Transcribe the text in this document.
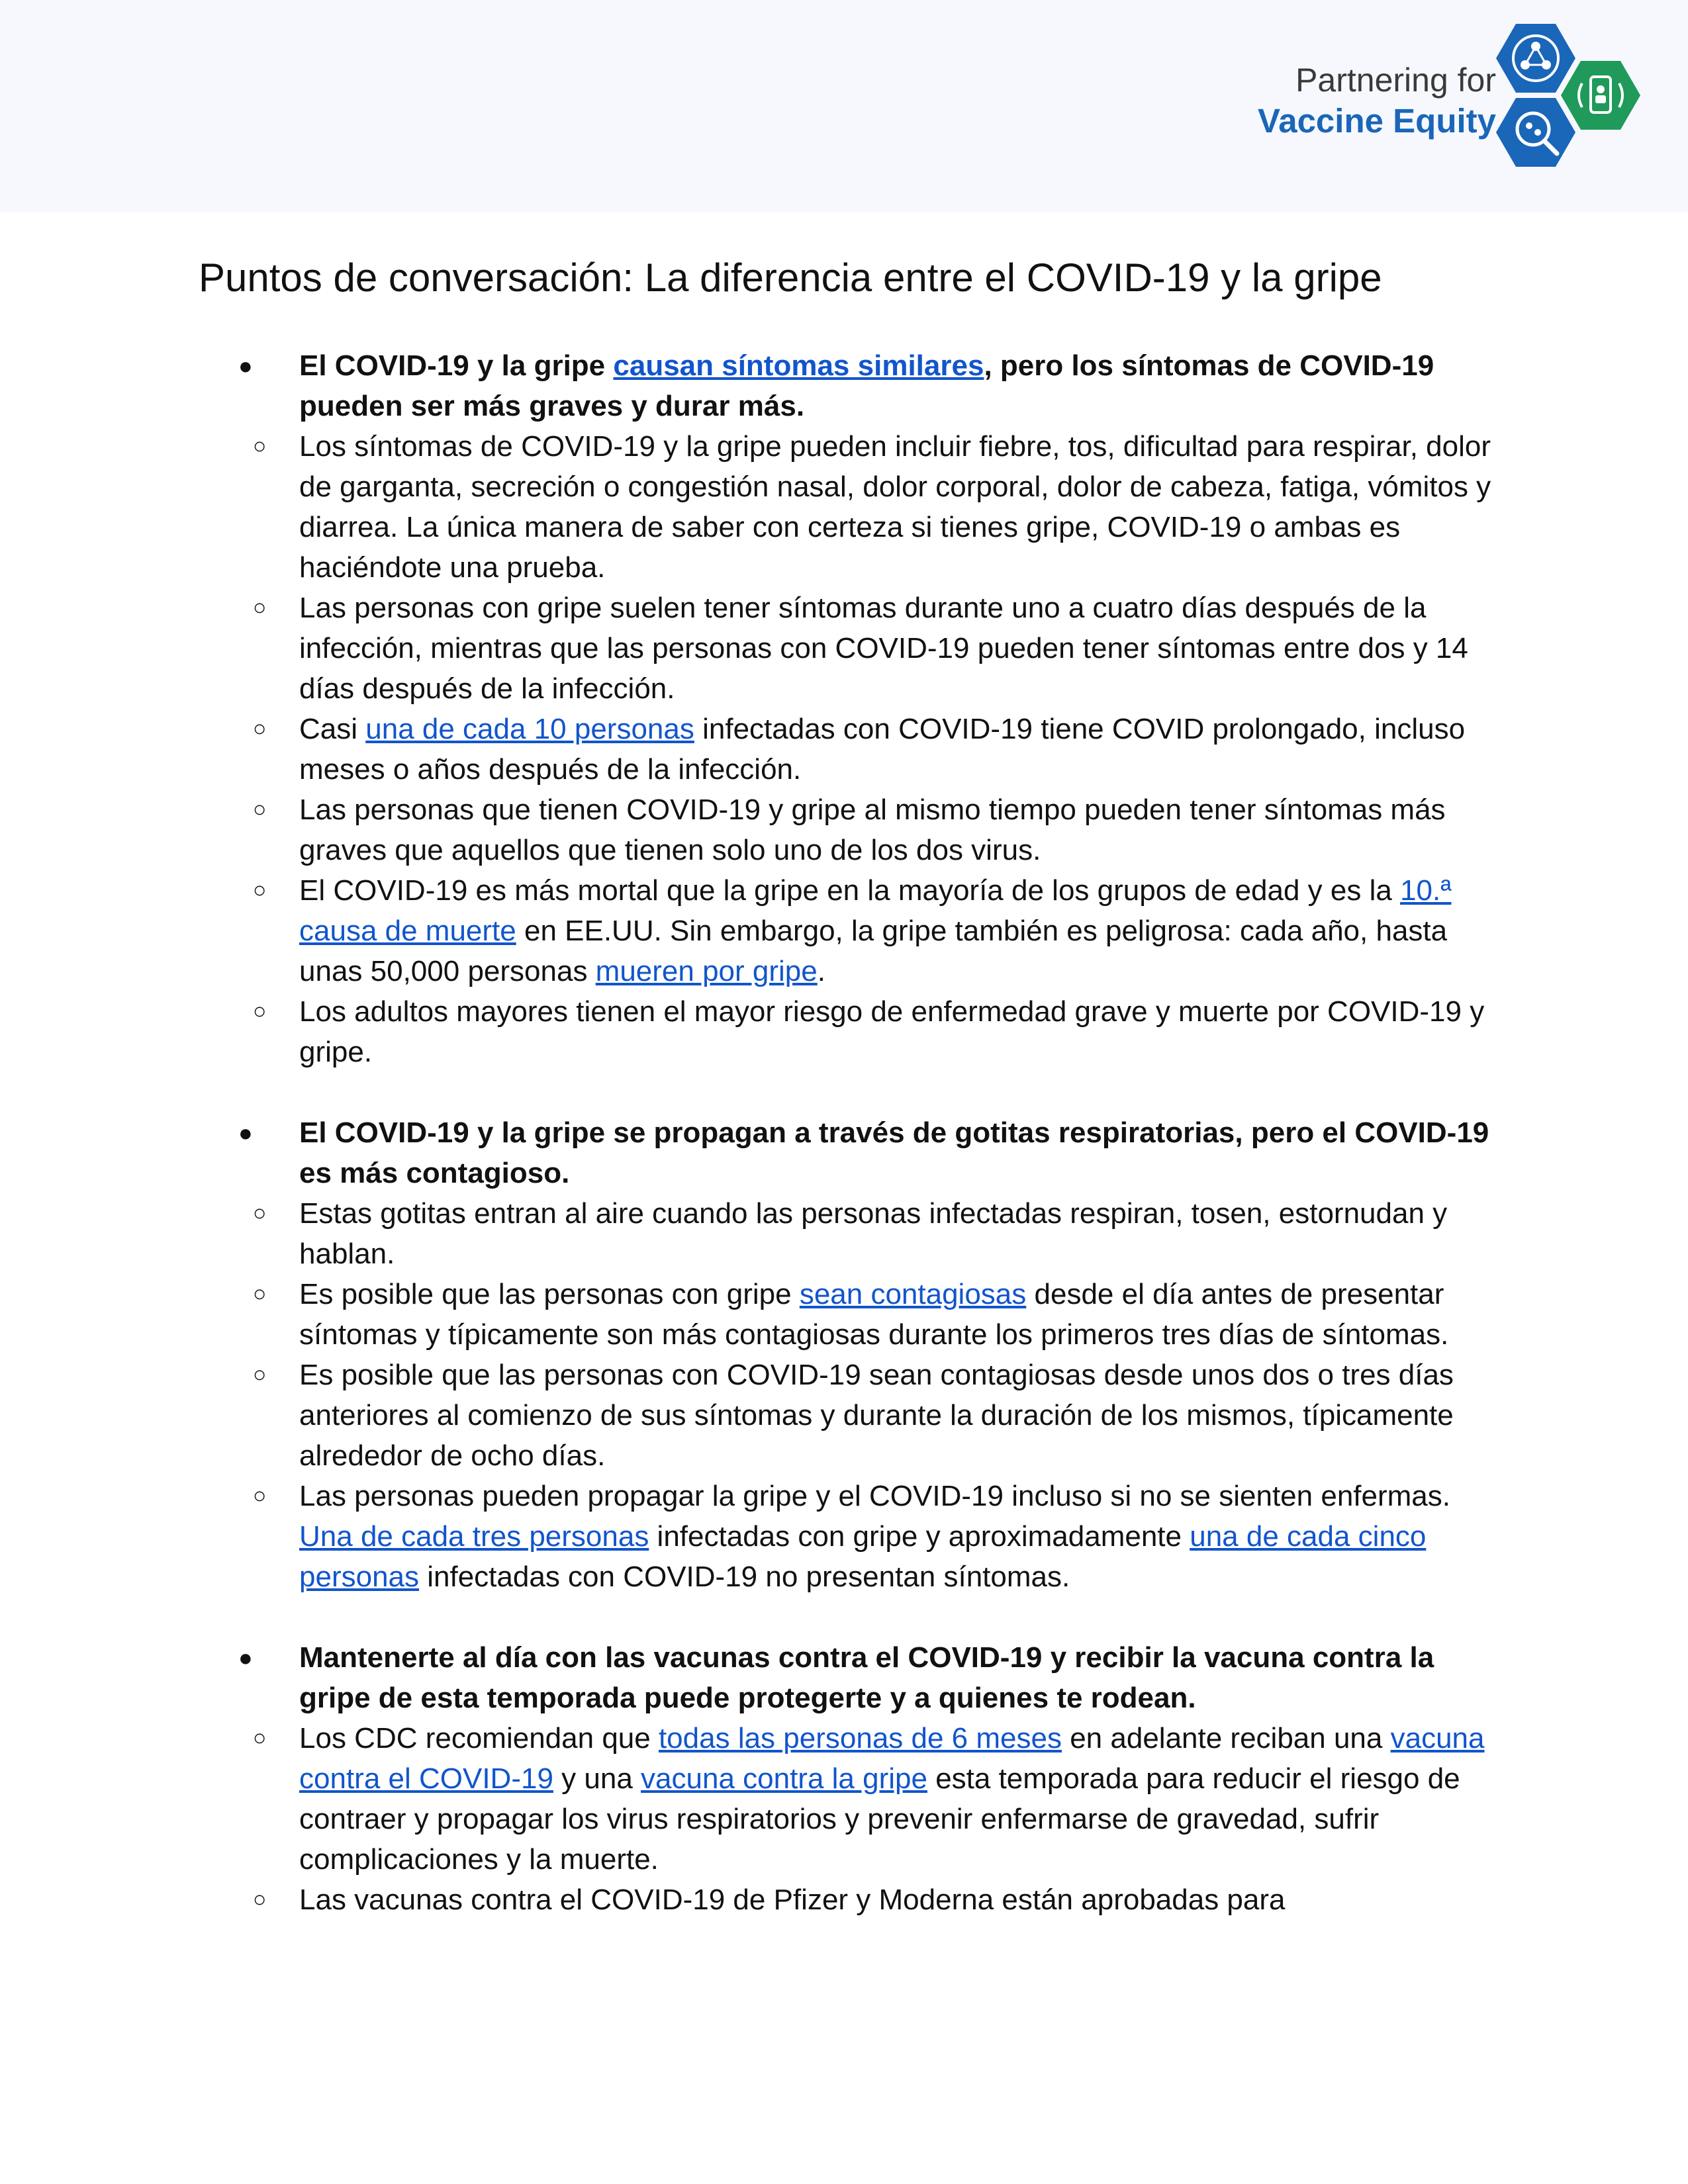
Partnering for
Vaccine Equity
Puntos de conversación: La diferencia entre el COVID-19 y la gripe
●	El COVID-19 y la gripe causan síntomas similares, pero los síntomas de COVID-19 pueden ser más graves y durar más.
○ Los síntomas de COVID-19 y la gripe pueden incluir fiebre, tos, dificultad para respirar, dolor de garganta, secreción o congestión nasal, dolor corporal, dolor de cabeza, fatiga, vómitos y diarrea. La única manera de saber con certeza si tienes gripe, COVID-19 o ambas es haciéndote una prueba.
○ Las personas con gripe suelen tener síntomas durante uno a cuatro días después de la infección, mientras que las personas con COVID-19 pueden tener síntomas entre dos y 14 días después de la infección.
○ Casi una de cada 10 personas infectadas con COVID-19 tiene COVID prolongado, incluso meses o años después de la infección.
○ Las personas que tienen COVID-19 y gripe al mismo tiempo pueden tener síntomas más graves que aquellos que tienen solo uno de los dos virus.
○ El COVID-19 es más mortal que la gripe en la mayoría de los grupos de edad y es la 10.ª causa de muerte en EE.UU. Sin embargo, la gripe también es peligrosa: cada año, hasta unas 50,000 personas mueren por gripe.
○ Los adultos mayores tienen el mayor riesgo de enfermedad grave y muerte por COVID-19 y gripe.
●	El COVID-19 y la gripe se propagan a través de gotitas respiratorias, pero el COVID-19 es más contagioso.
○ Estas gotitas entran al aire cuando las personas infectadas respiran, tosen, estornudan y hablan.
○ Es posible que las personas con gripe sean contagiosas desde el día antes de presentar síntomas y típicamente son más contagiosas durante los primeros tres días de síntomas.
○ Es posible que las personas con COVID-19 sean contagiosas desde unos dos o tres días anteriores al comienzo de sus síntomas y durante la duración de los mismos, típicamente alrededor de ocho días.
○ Las personas pueden propagar la gripe y el COVID-19 incluso si no se sienten enfermas. Una de cada tres personas infectadas con gripe y aproximadamente una de cada cinco personas infectadas con COVID-19 no presentan síntomas.
●	Mantenerte al día con las vacunas contra el COVID-19 y recibir la vacuna contra la gripe de esta temporada puede protegerte y a quienes te rodean.
○ Los CDC recomiendan que todas las personas de 6 meses en adelante reciban una vacuna contra el COVID-19 y una vacuna contra la gripe esta temporada para reducir el riesgo de contraer y propagar los virus respiratorios y prevenir enfermarse de gravedad, sufrir complicaciones y la muerte.
○ Las vacunas contra el COVID-19 de Pfizer y Moderna están aprobadas para
